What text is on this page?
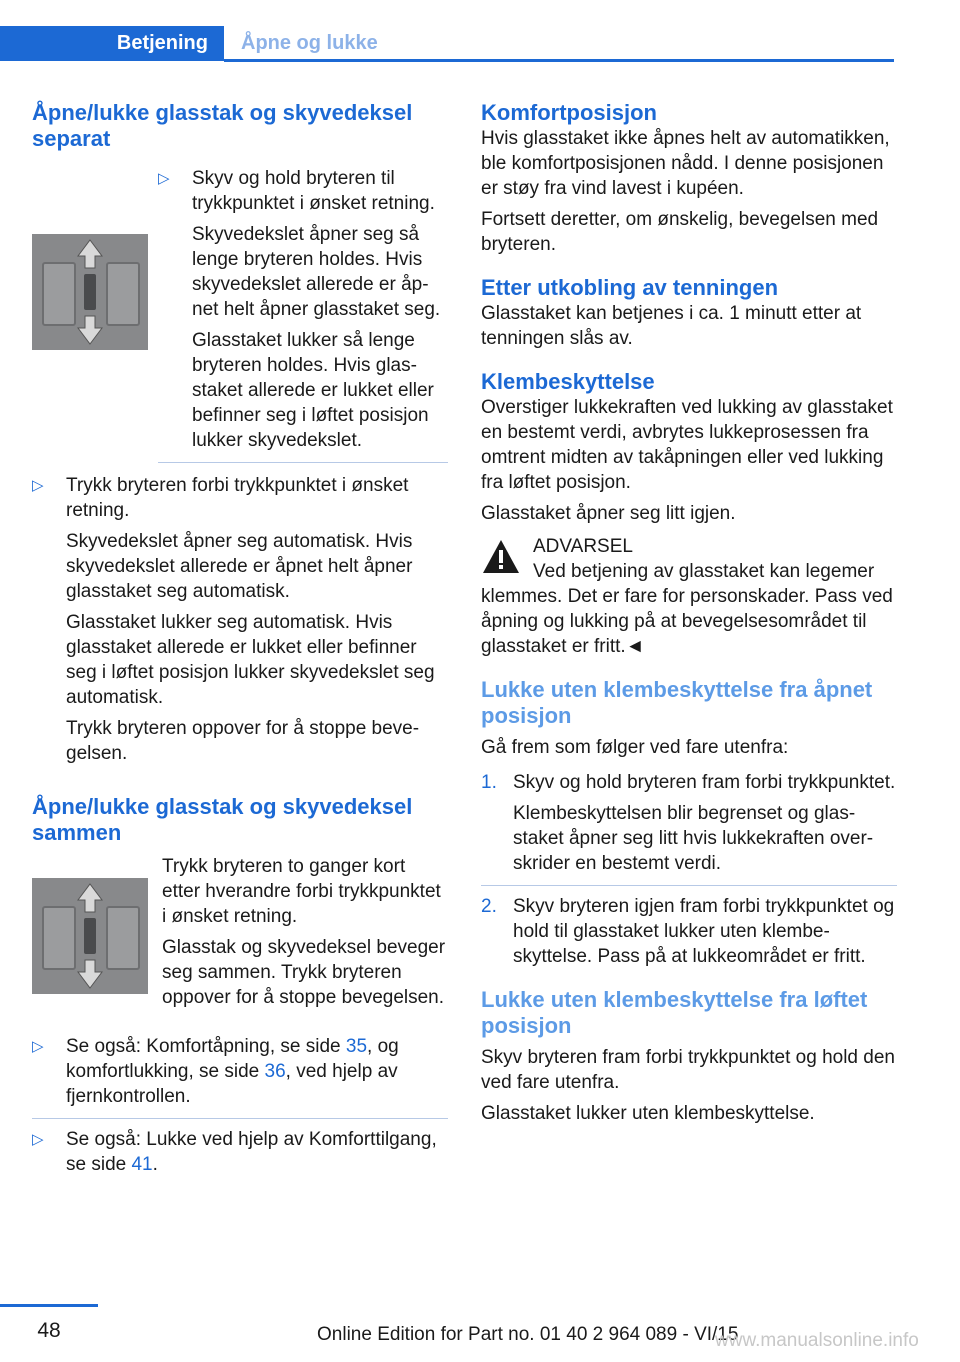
Betjening	Åpne og lukke
Åpne/lukke glasstak og skyvedeksel separat

▷ Skyv og hold bryteren til trykkpunktet i ønsket retning.

Skyvedekslet åpner seg så lenge bryteren holdes. Hvis skyvedekslet allerede er åpnet helt åpner glasstaket seg.

Glasstaket lukker så lenge bryteren holdes. Hvis glasstaket allerede er lukket eller befinner seg i løftet posisjon lukker skyvedekslet.

▷ Trykk bryteren forbi trykkpunktet i ønsket retning.

Skyvedekslet åpner seg automatisk. Hvis skyvedekslet allerede er åpnet helt åpner glasstaket seg automatisk.

Glasstaket lukker seg automatisk. Hvis glasstaket allerede er lukket eller befinner seg i løftet posisjon lukker skyvedekslet seg automatisk.

Trykk bryteren oppover for å stoppe bevegelsen.

Åpne/lukke glasstak og skyvedeksel sammen

Trykk bryteren to ganger kort etter hverandre forbi trykkpunktet i ønsket retning.

Glasstak og skyvedeksel beveger seg sammen. Trykk bryteren oppover for å stoppe bevegelsen.

▷ Se også: Komfortåpning, se side 35, og komfortlukking, se side 36, ved hjelp av fjernkontrollen.
▷ Se også: Lukke ved hjelp av Komforttilgang, se side 41.
Komfortposisjon

Hvis glasstaket ikke åpnes helt av automatikken, ble komfortposisjonen nådd. I denne posisjonen er støy fra vind lavest i kupéen.

Fortsett deretter, om ønskelig, bevegelsen med bryteren.

Etter utkobling av tenningen

Glasstaket kan betjenes i ca. 1 minutt etter at tenningen slås av.

Klembeskyttelse

Overstiger lukkekraften ved lukking av glasstaket en bestemt verdi, avbrytes lukkeprosessen fra omtrent midten av takåpningen eller ved lukking fra løftet posisjon.

Glasstaket åpner seg litt igjen.

ADVARSEL

Ved betjening av glasstaket kan legemer klemmes. Det er fare for personskader. Pass ved åpning og lukking på at bevegelsesområdet til glasstaket er fritt.◄

Lukke uten klembeskyttelse fra åpnet posisjon

Gå frem som følger ved fare utenfra:

1. Skyv og hold bryteren fram forbi trykkpunktet.

Klembeskyttelsen blir begrenset og glasstaket åpner seg litt hvis lukkekraften overskrider en bestemt verdi.

2. Skyv bryteren igjen fram forbi trykkpunktet og hold til glasstaket lukker uten klembeskyttelse. Pass på at lukkeområdet er fritt.

Lukke uten klembeskyttelse fra løftet posisjon

Skyv bryteren fram forbi trykkpunktet og hold den ved fare utenfra.

Glasstaket lukker uten klembeskyttelse.

48	Online Edition for Part no. 01 40 2 964 089 - VI/15
www.manualsonline.info
